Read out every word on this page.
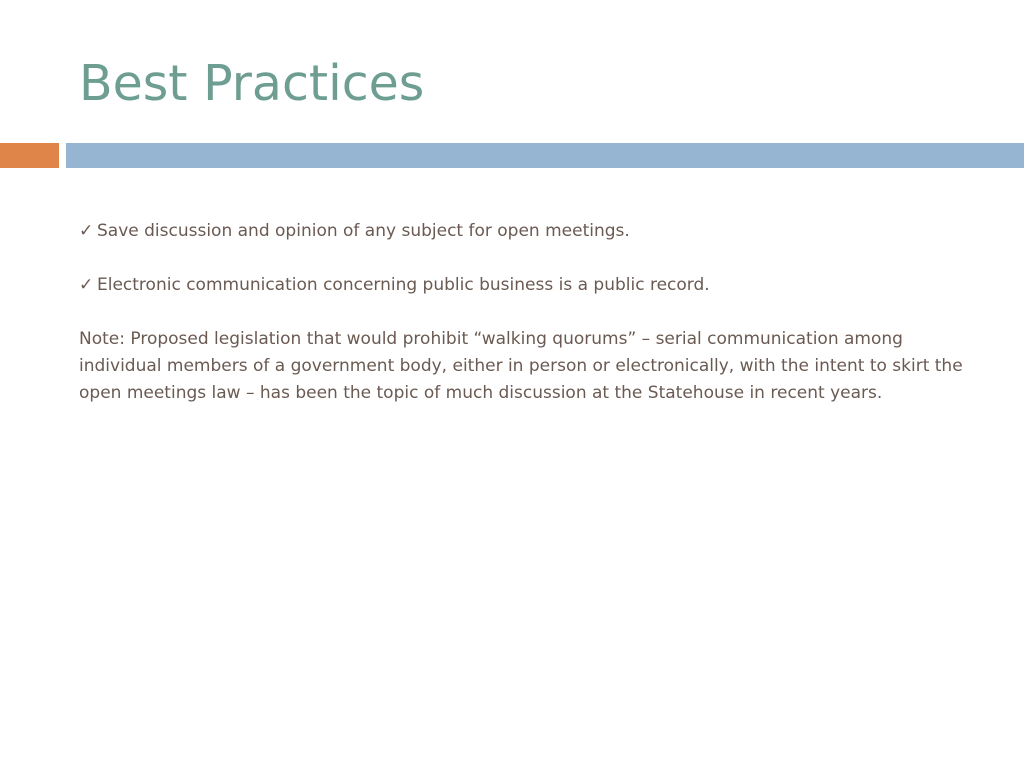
Best Practices
✓ Save discussion and opinion of any subject for open meetings.
✓ Electronic communication concerning public business is a public record.

Note: Proposed legislation that would prohibit “walking quorums” – serial communication among individual members of a government body, either in person or electronically, with the intent to skirt the open meetings law – has been the topic of much discussion at the Statehouse in recent years.
